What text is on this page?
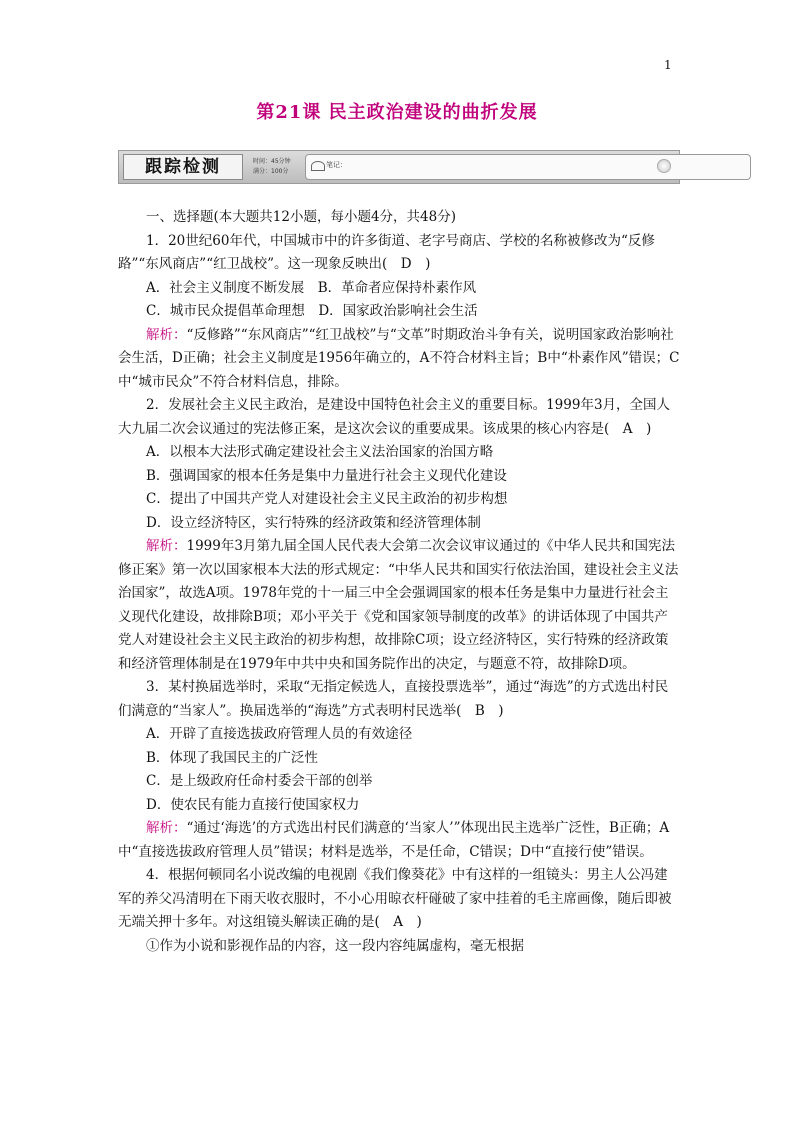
1
第21课 民主政治建设的曲折发展
跟踪检测	时间：45分钟
满分：100分
笔记：

一、选择题(本大题共12小题，每小题4分，共48分)

1．20世纪60年代，中国城市中的许多街道、老字号商店、学校的名称被修改为“反修路”“东风商店”“红卫战校”。这一现象反映出(　D　)

A．社会主义制度不断发展　B．革命者应保持朴素作风

C．城市民众提倡革命理想　D．国家政治影响社会生活

解析：“反修路”“东风商店”“红卫战校”与“文革”时期政治斗争有关，说明国家政治影响社会生活，D正确；社会主义制度是1956年确立的，A不符合材料主旨；B中“朴素作风”错误；C中“城市民众”不符合材料信息，排除。

2．发展社会主义民主政治，是建设中国特色社会主义的重要目标。1999年3月，全国人大九届二次会议通过的宪法修正案，是这次会议的重要成果。该成果的核心内容是(　A　)

A．以根本大法形式确定建设社会主义法治国家的治国方略

B．强调国家的根本任务是集中力量进行社会主义现代化建设

C．提出了中国共产党人对建设社会主义民主政治的初步构想

D．设立经济特区，实行特殊的经济政策和经济管理体制

解析：1999年3月第九届全国人民代表大会第二次会议审议通过的《中华人民共和国宪法修正案》第一次以国家根本大法的形式规定：“中华人民共和国实行依法治国，建设社会主义法治国家”，故选A项。1978年党的十一届三中全会强调国家的根本任务是集中力量进行社会主义现代化建设，故排除B项；邓小平关于《党和国家领导制度的改革》的讲话体现了中国共产党人对建设社会主义民主政治的初步构想，故排除C项；设立经济特区，实行特殊的经济政策和经济管理体制是在1979年中共中央和国务院作出的决定，与题意不符，故排除D项。

3．某村换届选举时，采取“无指定候选人，直接投票选举”，通过“海选”的方式选出村民们满意的“当家人”。换届选举的“海选”方式表明村民选举(　B　)

A．开辟了直接选拔政府管理人员的有效途径

B．体现了我国民主的广泛性

C．是上级政府任命村委会干部的创举

D．使农民有能力直接行使国家权力

解析：“通过‘海选’的方式选出村民们满意的‘当家人’”体现出民主选举广泛性，B正确；A中“直接选拔政府管理人员”错误；材料是选举，不是任命，C错误；D中“直接行使”错误。

4．根据何顿同名小说改编的电视剧《我们像葵花》中有这样的一组镜头：男主人公冯建军的养父冯清明在下雨天收衣服时，不小心用晾衣杆碰破了家中挂着的毛主席画像，随后即被无端关押十多年。对这组镜头解读正确的是(　A　)

①作为小说和影视作品的内容，这一段内容纯属虚构，毫无根据
